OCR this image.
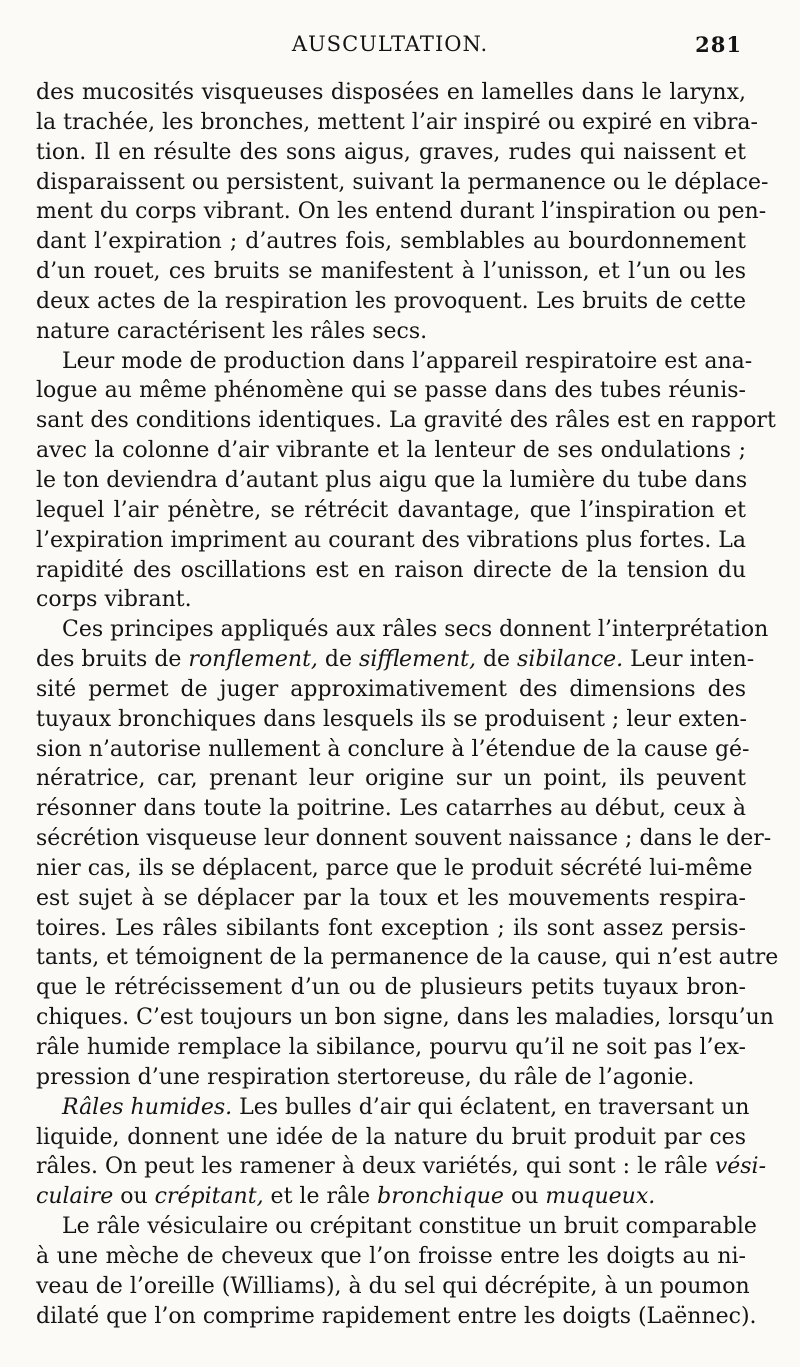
AUSCULTATION.	281
des mucosités visqueuses disposées en lamelles dans le larynx,
la trachée, les bronches, mettent l’air inspiré ou expiré en vibra-
tion. Il en résulte des sons aigus, graves, rudes qui naissent et
disparaissent ou persistent, suivant la permanence ou le déplace-
ment du corps vibrant. On les entend durant l’inspiration ou pen-
dant l’expiration ; d’autres fois, semblables au bourdonnement
d’un rouet, ces bruits se manifestent à l’unisson, et l’un ou les
deux actes de la respiration les provoquent. Les bruits de cette
nature caractérisent les râles secs.
Leur mode de production dans l’appareil respiratoire est ana-
logue au même phénomène qui se passe dans des tubes réunis-
sant des conditions identiques. La gravité des râles est en rapport
avec la colonne d’air vibrante et la lenteur de ses ondulations ;
le ton deviendra d’autant plus aigu que la lumière du tube dans
lequel l’air pénètre, se rétrécit davantage, que l’inspiration et
l’expiration impriment au courant des vibrations plus fortes. La
rapidité des oscillations est en raison directe de la tension du
corps vibrant.
Ces principes appliqués aux râles secs donnent l’interprétation
des bruits de ronflement, de sifflement, de sibilance. Leur inten-
sité permet de juger approximativement des dimensions des
tuyaux bronchiques dans lesquels ils se produisent ; leur exten-
sion n’autorise nullement à conclure à l’étendue de la cause gé-
nératrice, car, prenant leur origine sur un point, ils peuvent
résonner dans toute la poitrine. Les catarrhes au début, ceux à
sécrétion visqueuse leur donnent souvent naissance ; dans le der-
nier cas, ils se déplacent, parce que le produit sécrété lui-même
est sujet à se déplacer par la toux et les mouvements respira-
toires. Les râles sibilants font exception ; ils sont assez persis-
tants, et témoignent de la permanence de la cause, qui n’est autre
que le rétrécissement d’un ou de plusieurs petits tuyaux bron-
chiques. C’est toujours un bon signe, dans les maladies, lorsqu’un
râle humide remplace la sibilance, pourvu qu’il ne soit pas l’ex-
pression d’une respiration stertoreuse, du râle de l’agonie.
Râles humides. Les bulles d’air qui éclatent, en traversant un
liquide, donnent une idée de la nature du bruit produit par ces
râles. On peut les ramener à deux variétés, qui sont : le râle vési-
culaire ou crépitant, et le râle bronchique ou muqueux.
Le râle vésiculaire ou crépitant constitue un bruit comparable
à une mèche de cheveux que l’on froisse entre les doigts au ni-
veau de l’oreille (Williams), à du sel qui décrépite, à un poumon
dilaté que l’on comprime rapidement entre les doigts (Laënnec).
